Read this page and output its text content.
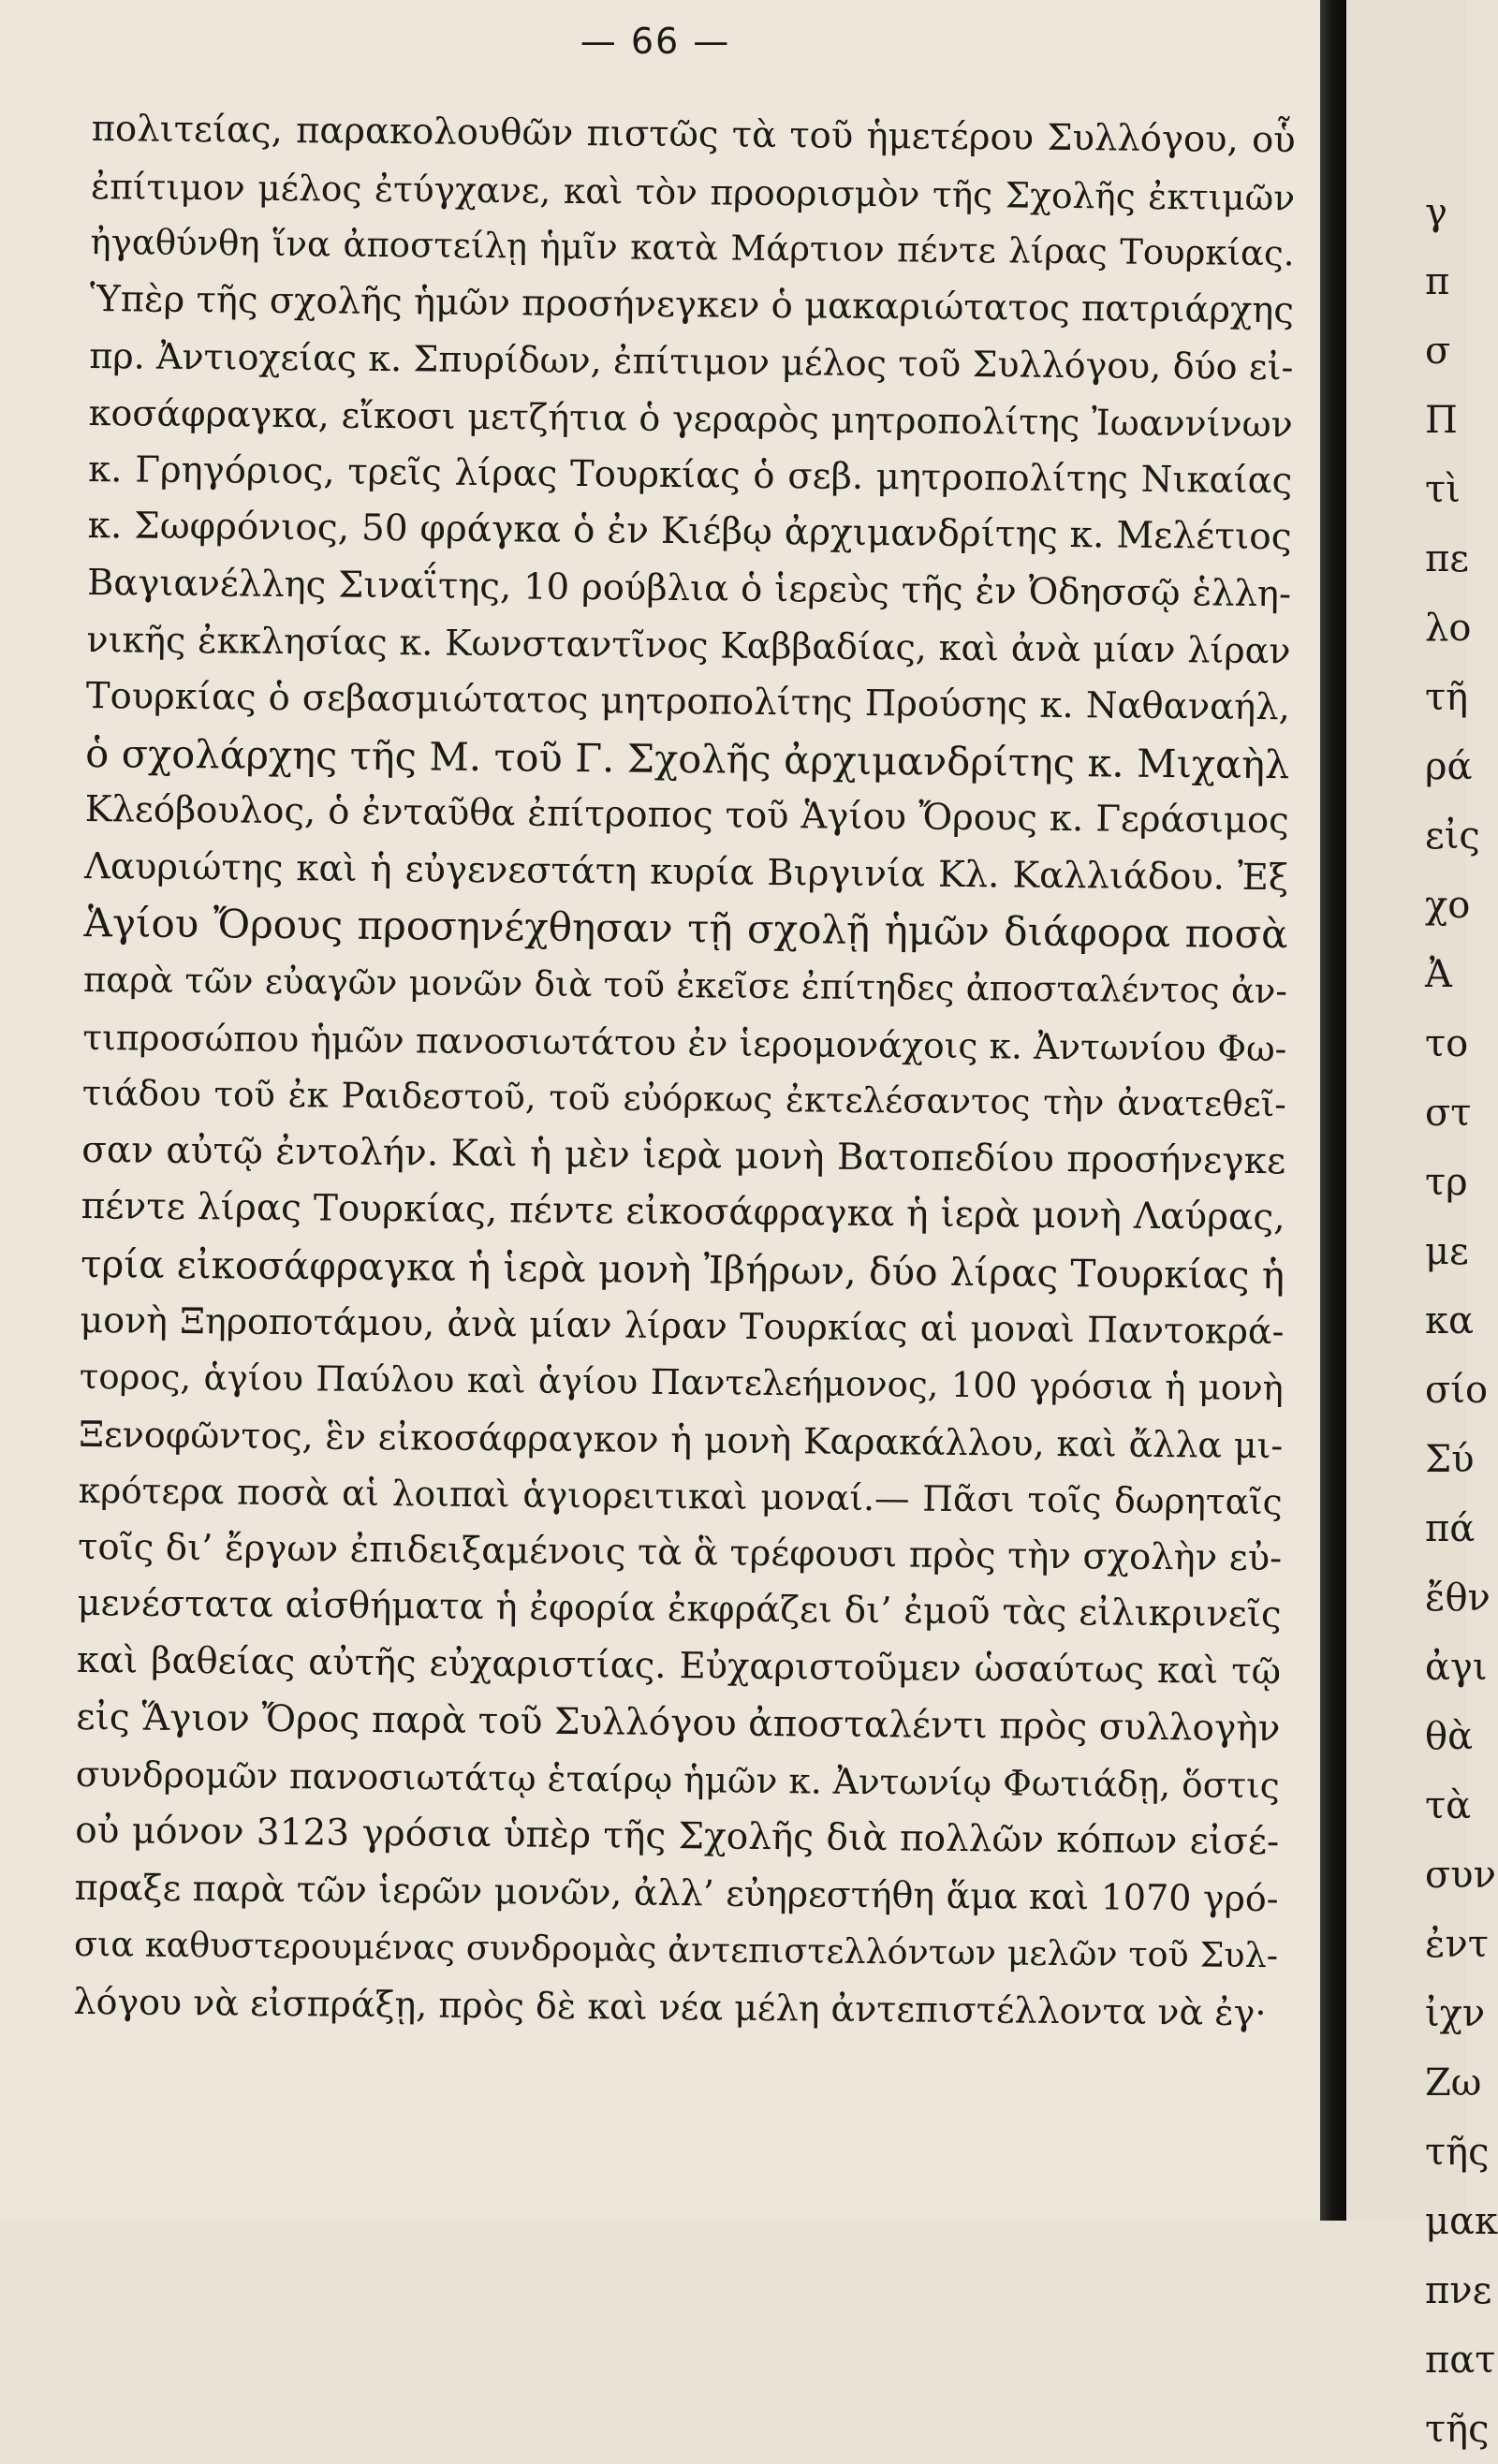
— 66 —
πολιτείας, παρακολουθῶν πιστῶς τὰ τοῦ ἡμετέρου Συλλόγου, οὗ
ἐπίτιμον μέλος ἐτύγχανε, καὶ τὸν προορισμὸν τῆς Σχολῆς ἐκτιμῶν
ἠγαθύνθη ἵνα ἀποστείλῃ ἡμῖν κατὰ Μάρτιον πέντε λίρας Τουρκίας.
Ὑπὲρ τῆς σχολῆς ἡμῶν προσήνεγκεν ὁ μακαριώτατος πατριάρχης
πρ. Ἀντιοχείας κ. Σπυρίδων, ἐπίτιμον μέλος τοῦ Συλλόγου, δύο εἰ-
κοσάφραγκα, εἴκοσι μετζήτια ὁ γεραρὸς μητροπολίτης Ἰωαννίνων
κ. Γρηγόριος, τρεῖς λίρας Τουρκίας ὁ σεβ. μητροπολίτης Νικαίας
κ. Σωφρόνιος, 50 φράγκα ὁ ἐν Κιέβῳ ἀρχιμανδρίτης κ. Μελέτιος
Βαγιανέλλης Σιναΐτης, 10 ρούβλια ὁ ἱερεὺς τῆς ἐν Ὀδησσῷ ἑλλη-
νικῆς ἐκκλησίας κ. Κωνσταντῖνος Καββαδίας, καὶ ἀνὰ μίαν λίραν
Τουρκίας ὁ σεβασμιώτατος μητροπολίτης Προύσης κ. Ναθαναήλ,
ὁ σχολάρχης τῆς Μ. τοῦ Γ. Σχολῆς ἀρχιμανδρίτης κ. Μιχαὴλ
Κλεόβουλος, ὁ ἐνταῦθα ἐπίτροπος τοῦ Ἁγίου Ὄρους κ. Γεράσιμος
Λαυριώτης καὶ ἡ εὐγενεστάτη κυρία Βιργινία Κλ. Καλλιάδου. Ἐξ
Ἁγίου Ὄρους προσηνέχθησαν τῇ σχολῇ ἡμῶν διάφορα ποσὰ
παρὰ τῶν εὐαγῶν μονῶν διὰ τοῦ ἐκεῖσε ἐπίτηδες ἀποσταλέντος ἀν-
τιπροσώπου ἡμῶν πανοσιωτάτου ἐν ἱερομονάχοις κ. Ἀντωνίου Φω-
τιάδου τοῦ ἐκ Ραιδεστοῦ, τοῦ εὐόρκως ἐκτελέσαντος τὴν ἀνατεθεῖ-
σαν αὐτῷ ἐντολήν. Καὶ ἡ μὲν ἱερὰ μονὴ Βατοπεδίου προσήνεγκε
πέντε λίρας Τουρκίας, πέντε εἰκοσάφραγκα ἡ ἱερὰ μονὴ Λαύρας,
τρία εἰκοσάφραγκα ἡ ἱερὰ μονὴ Ἰβήρων, δύο λίρας Τουρκίας ἡ
μονὴ Ξηροποτάμου, ἀνὰ μίαν λίραν Τουρκίας αἱ μοναὶ Παντοκρά-
τορος, ἁγίου Παύλου καὶ ἁγίου Παντελεήμονος, 100 γρόσια ἡ μονὴ
Ξενοφῶντος, ἓν εἰκοσάφραγκον ἡ μονὴ Καρακάλλου, καὶ ἄλλα μι-
κρότερα ποσὰ αἱ λοιπαὶ ἁγιορειτικαὶ μοναί.— Πᾶσι τοῖς δωρηταῖς
τοῖς δι’ ἔργων ἐπιδειξαμένοις τὰ ἃ τρέφουσι πρὸς τὴν σχολὴν εὐ-
μενέστατα αἰσθήματα ἡ ἐφορία ἐκφράζει δι’ ἐμοῦ τὰς εἰλικρινεῖς
καὶ βαθείας αὐτῆς εὐχαριστίας. Εὐχαριστοῦμεν ὡσαύτως καὶ τῷ
εἰς Ἅγιον Ὄρος παρὰ τοῦ Συλλόγου ἀποσταλέντι πρὸς συλλογὴν
συνδρομῶν πανοσιωτάτῳ ἑταίρῳ ἡμῶν κ. Ἀντωνίῳ Φωτιάδῃ, ὅστις
οὐ μόνον 3123 γρόσια ὑπὲρ τῆς Σχολῆς διὰ πολλῶν κόπων εἰσέ-
πραξε παρὰ τῶν ἱερῶν μονῶν, ἀλλ’ εὐηρεστήθη ἅμα καὶ 1070 γρό-
σια καθυστερουμένας συνδρομὰς ἀντεπιστελλόντων μελῶν τοῦ Συλ-
λόγου νὰ εἰσπράξῃ, πρὸς δὲ καὶ νέα μέλη ἀντεπιστέλλοντα νὰ ἐγ·
γ
π
σ
Π
τὶ
πε
λο
τῆ
ρά
εἰς
χο
Ἀ
το
στ
τρ
με
κα
σίο
Σύ
πά
ἔθν
ἀγι
θὰ
τὰ
συν
ἐντ
ἰχν
Ζω
τῆς
μακ
πνε
πατ
τῆς
